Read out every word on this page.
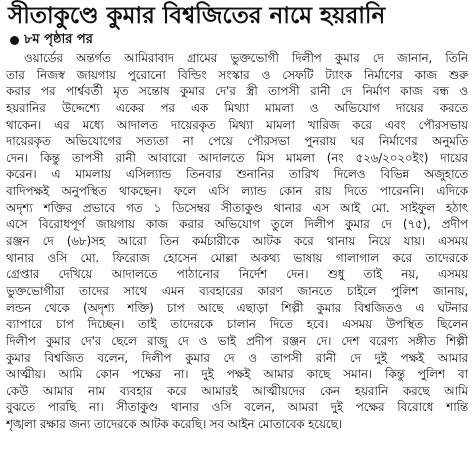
সীতাকুণ্ডে কুমার বিশ্বজিতের নামে হয়রানি
৮ম পৃষ্ঠার পর
ওয়ার্ডের অন্তর্গত আমিরাবাদ গ্রামের ভুক্তভোগী দিলীপ কুমার দে জানান, তিনি
তার নিজস্ব জায়গায় পুরোনো বিল্ডিং সংস্কার ও সেফটি ট্যাংক নির্মাণের কাজ শুরু
করার পর পার্শ্ববর্তী মৃত সন্তোষ কুমার দে'র স্ত্রী তাপসী রানী দে নির্মাণ কাজ বন্ধ ও
হয়রানির উদ্দেশ্যে একের পর এক মিথ্যা মামলা ও অভিযোগ দায়ের করতে
থাকেন। এর মধ্যে আদালত দায়েরকৃত মিথ্যা মামলা খারিজ করে এবং পৌরসভায়
দায়েরকৃত অভিযোগের সত্যতা না পেয়ে পৌরসভা পুনরায় ঘর নির্মাণের অনুমতি
দেন। কিন্তু তাপসী রানী আবারো আদালতে মিস মামলা (নং ৫২৬/২০২০ইং) দায়ের
করেন। এ মামলায় এসিল্যান্ড তিনবার শুনানির তারিখ দিলেও বিভিন্ন অজুহাতে
বাদিপক্ষই অনুপস্থিত থাকছেন। ফলে এসি ল্যান্ড কোন রায় দিতে পারেননি। এদিকে
অদৃশ্য শক্তির প্রভাবে গত ১ ডিসেম্বর সীতাকুণ্ড থানার এস আই মো. সাইফুল হঠাৎ
এসে বিরোধপূর্ণ জায়গায় কাজ করার অভিযোগ তুলে দিলীপ কুমার দে (৭৫), প্রদীপ
রঞ্জন দে (৬৮)সহ আরো তিন কর্মচারীকে আটক করে থানায় নিয়ে যায়। এসময়
থানার ওসি মো. ফিরোজ হোসেন মোল্লা অকথ্য ভাষায় গালাগাল করে তাদেরকে
গ্রেপ্তার দেখিয়ে আদালতে পাঠানোর নির্দেশ দেন। শুধু তাই নয়, এসময়
ভুক্তভোগীরা তাদের সাথে এমন ব্যবহারের কারণ জানতে চাইলে পুলিশ জানায়,
লন্ডন থেকে (অদৃশ্য শক্তি) চাপ আছে এছাড়া শিল্পী কুমার বিশ্বজিতও এ ঘটনার
ব্যাপারে চাপ দিচ্ছেন। তাই তাদেরকে চালান দিতে হবে। এসময় উপস্থিত ছিলেন
দিলীপ কুমার দে'র ছেলে রাজু দে ও ভাই প্রদীপ রঞ্জন দে। দেশ বরেণ্য সঙ্গীত শিল্পী
কুমার বিশ্বজিত বলেন, দিলীপ কুমার দে ও তাপসী রানী দে দুই পক্ষই আমার
আত্মীয়। আমি কোন পক্ষের না। দুই পক্ষই আমার কাছে সমান। কিন্তু পুলিশ বা
কেউ আমার নাম ব্যবহার করে আমারই আত্মীয়দের কেন হয়রানি করছে আমি
বুঝতে পারছি না। সীতাকুণ্ড থানার ওসি বলেন, আমরা দুই পক্ষের বিরোধে শান্তি
শৃঙ্খলা রক্ষার জন্য তাদেরকে আটক করেছি। সব আইন মোতাবেক হয়েছে।
